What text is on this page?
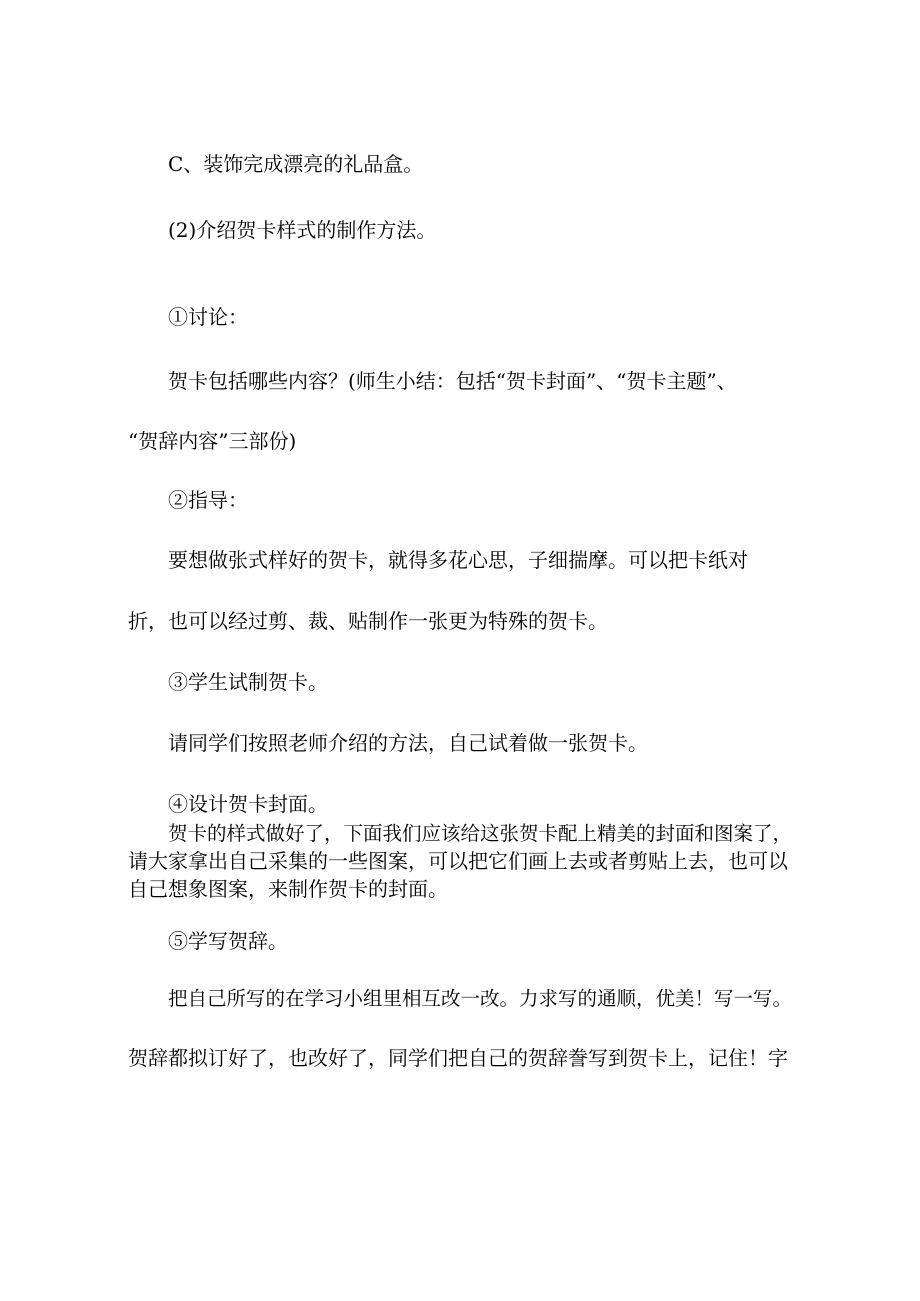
C、装饰完成漂亮的礼品盒。

(2)介绍贺卡样式的制作方法。

①讨论：

贺卡包括哪些内容？(师生小结：包括“贺卡封面”、“贺卡主题”、

“贺辞内容”三部份)

②指导：

要想做张式样好的贺卡，就得多花心思，子细揣摩。可以把卡纸对

折，也可以经过剪、裁、贴制作一张更为特殊的贺卡。

③学生试制贺卡。

请同学们按照老师介绍的方法，自己试着做一张贺卡。

④设计贺卡封面。

贺卡的样式做好了，下面我们应该给这张贺卡配上精美的封面和图案了，

请大家拿出自己采集的一些图案，可以把它们画上去或者剪贴上去，也可以

自己想象图案，来制作贺卡的封面。

⑤学写贺辞。

把自己所写的在学习小组里相互改一改。力求写的通顺，优美！写一写。

贺辞都拟订好了，也改好了，同学们把自己的贺辞誊写到贺卡上，记住！字
